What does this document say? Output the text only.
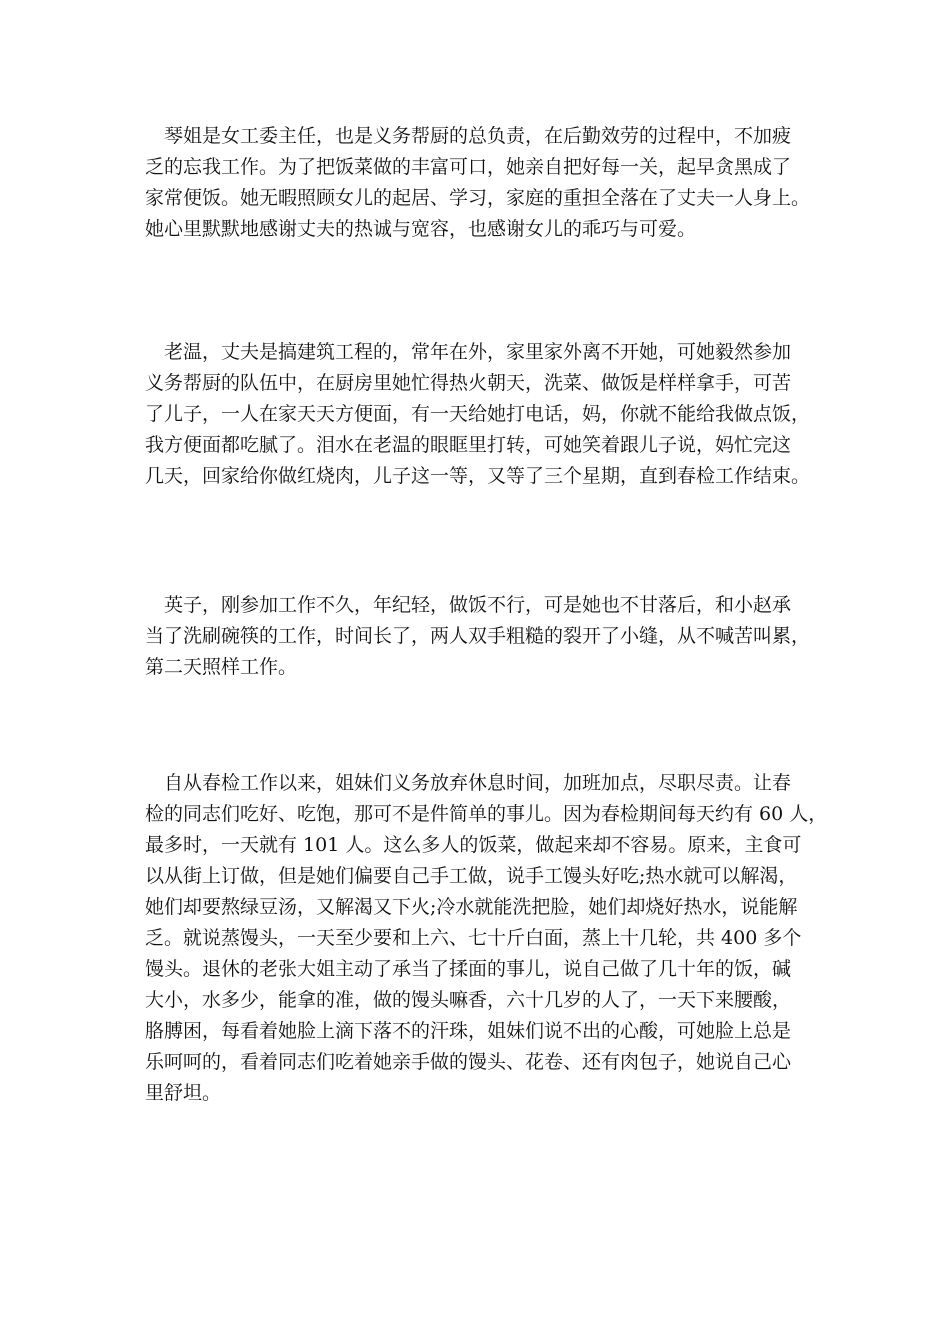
琴姐是女工委主任，也是义务帮厨的总负责，在后勤效劳的过程中，不加疲
乏的忘我工作。为了把饭菜做的丰富可口，她亲自把好每一关，起早贪黑成了
家常便饭。她无暇照顾女儿的起居、学习，家庭的重担全落在了丈夫一人身上。
她心里默默地感谢丈夫的热诚与宽容，也感谢女儿的乖巧与可爱。
老温，丈夫是搞建筑工程的，常年在外，家里家外离不开她，可她毅然参加
义务帮厨的队伍中，在厨房里她忙得热火朝天，洗菜、做饭是样样拿手，可苦
了儿子，一人在家天天方便面，有一天给她打电话，妈，你就不能给我做点饭，
我方便面都吃腻了。泪水在老温的眼眶里打转，可她笑着跟儿子说，妈忙完这
几天，回家给你做红烧肉，儿子这一等，又等了三个星期，直到春检工作结束。
英子，刚参加工作不久，年纪轻，做饭不行，可是她也不甘落后，和小赵承
当了洗刷碗筷的工作，时间长了，两人双手粗糙的裂开了小缝，从不喊苦叫累，
第二天照样工作。
自从春检工作以来，姐妹们义务放弃休息时间，加班加点，尽职尽责。让春
检的同志们吃好、吃饱，那可不是件简单的事儿。因为春检期间每天约有 60 人，
最多时，一天就有 101 人。这么多人的饭菜，做起来却不容易。原来，主食可
以从街上订做，但是她们偏要自己手工做，说手工馒头好吃;热水就可以解渴，
她们却要熬绿豆汤，又解渴又下火;冷水就能洗把脸，她们却烧好热水，说能解
乏。就说蒸馒头，一天至少要和上六、七十斤白面，蒸上十几轮，共 400 多个
馒头。退休的老张大姐主动了承当了揉面的事儿，说自己做了几十年的饭，碱
大小，水多少，能拿的准，做的馒头嘛香，六十几岁的人了，一天下来腰酸，
胳膊困，每看着她脸上滴下落不的汗珠，姐妹们说不出的心酸，可她脸上总是
乐呵呵的，看着同志们吃着她亲手做的馒头、花卷、还有肉包子，她说自己心
里舒坦。
